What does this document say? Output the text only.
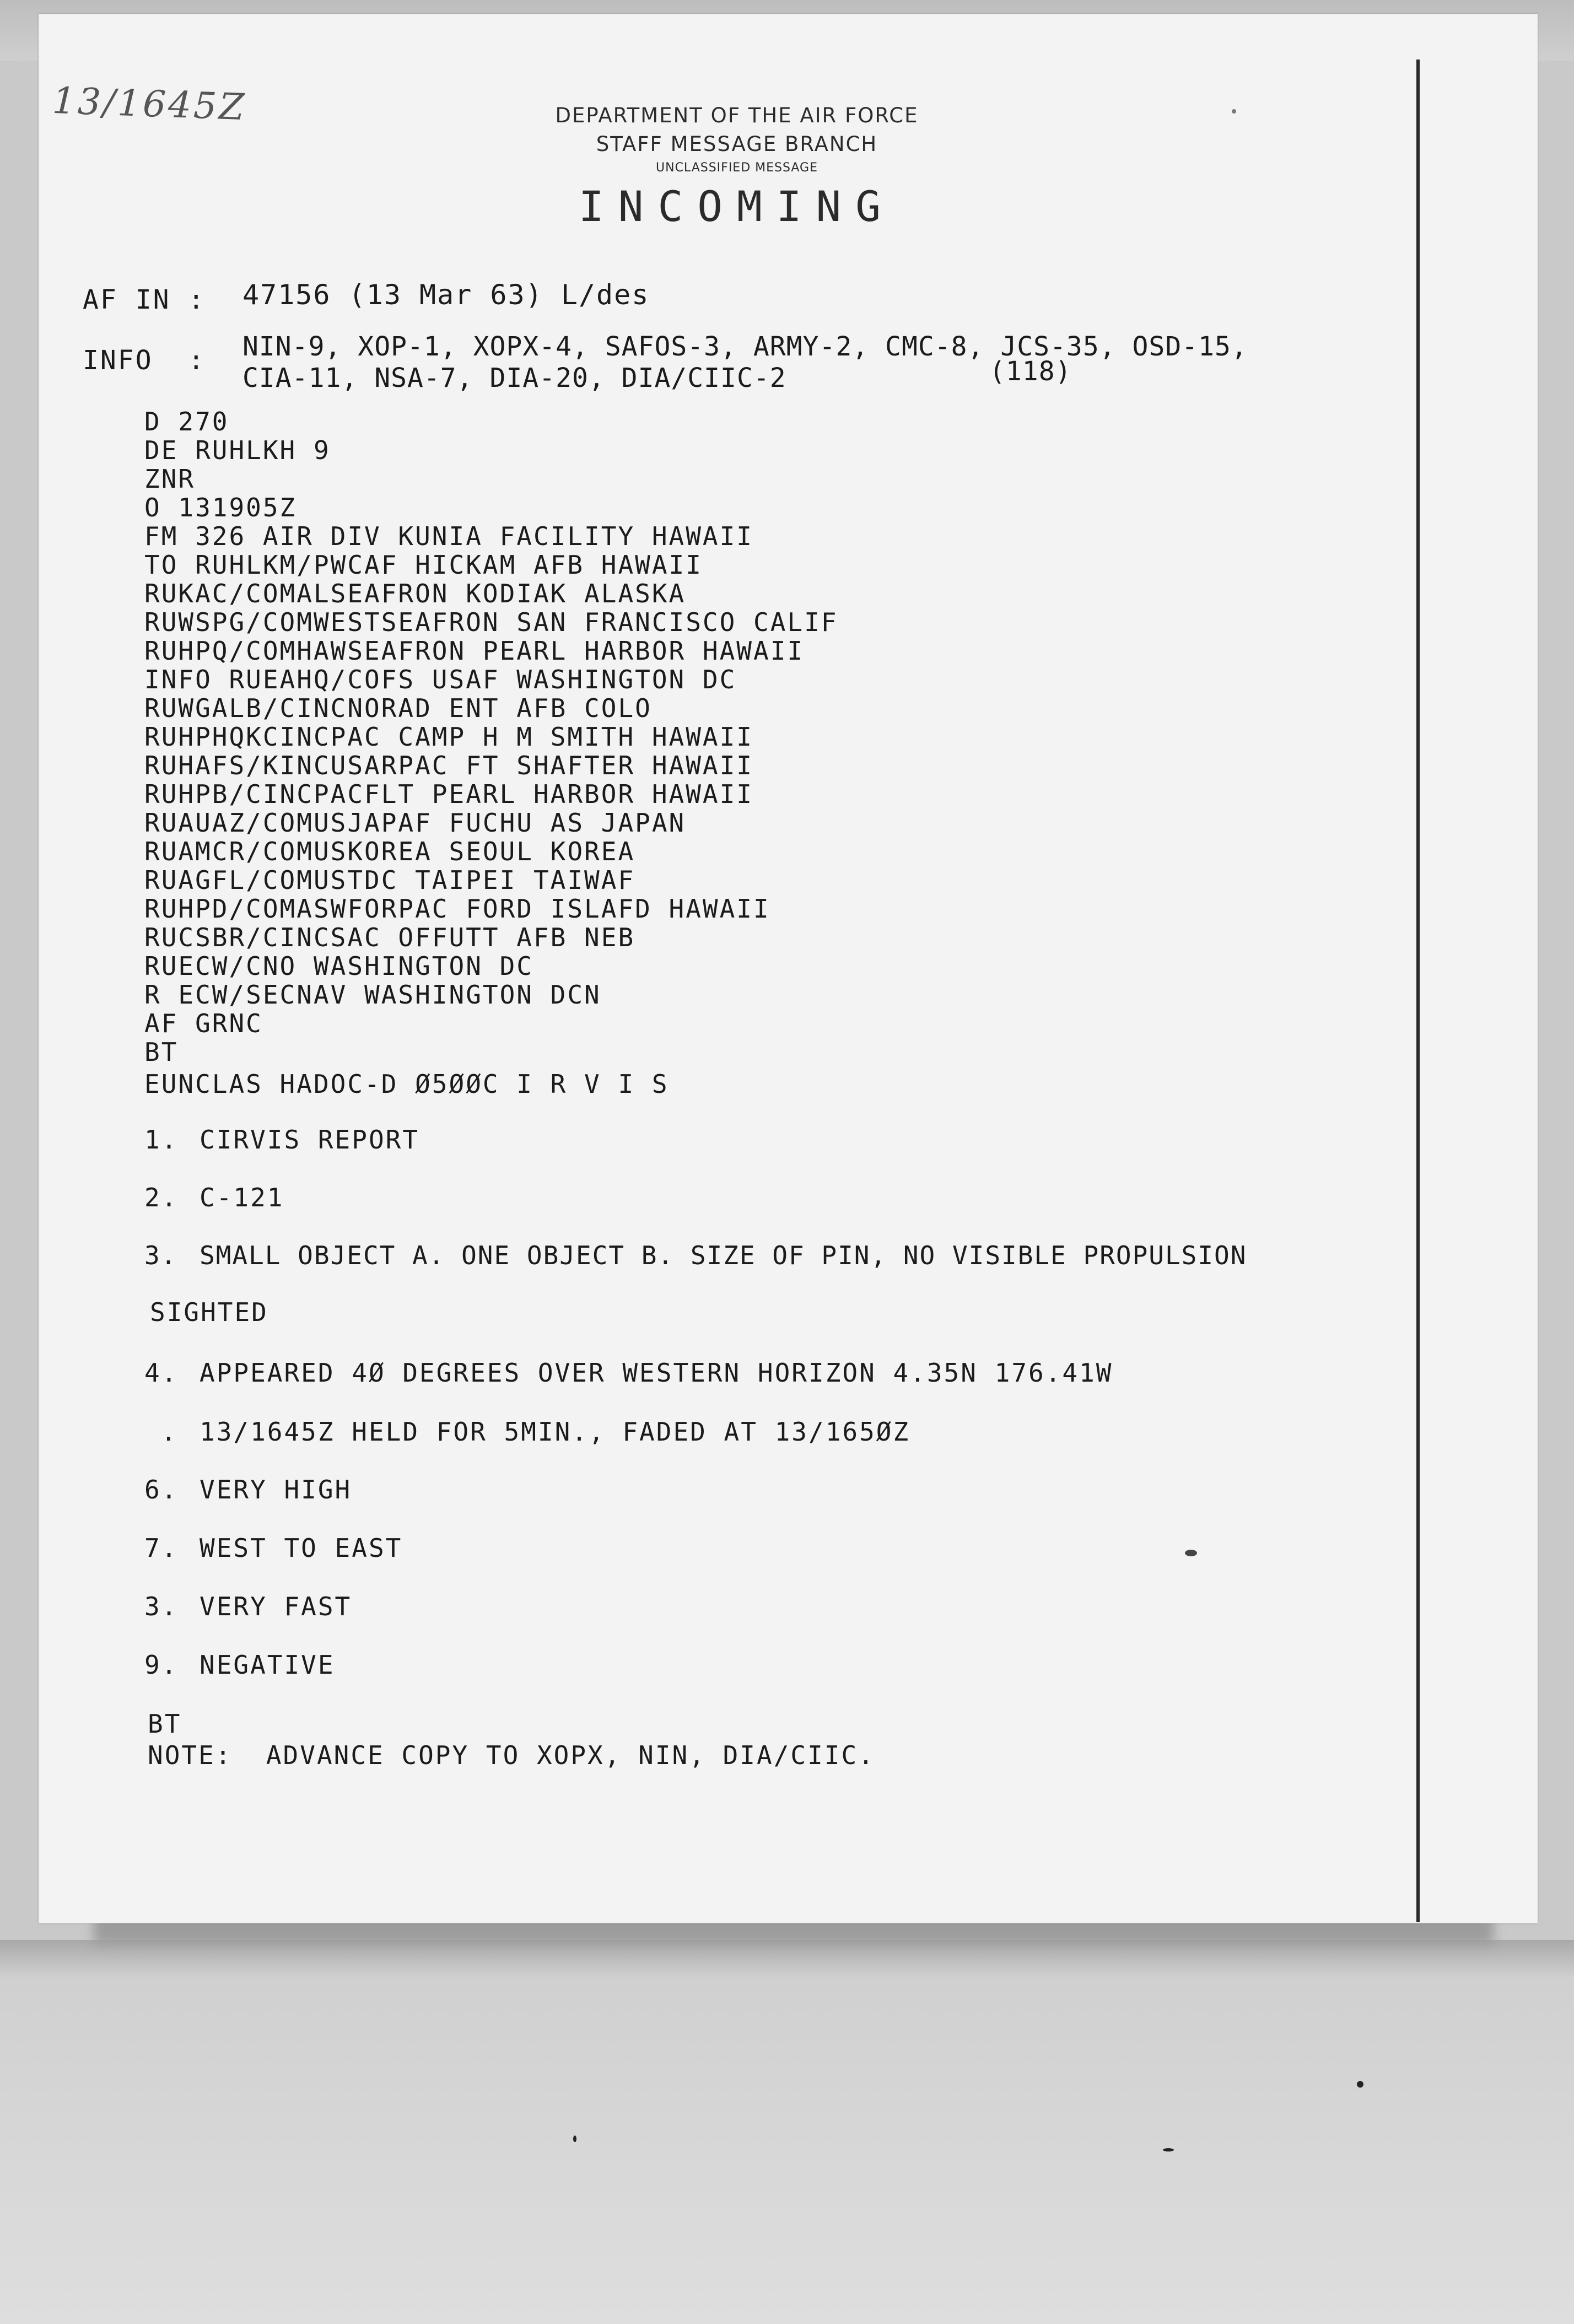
13/1645Z	DEPARTMENT OF THE AIR FORCE

STAFF MESSAGE BRANCH

UNCLASSIFIED MESSAGE

INCOMING

AF IN : 47156 (13 Mar 63) L/des

INFO  : NIN-9, XOP-1, XOPX-4, SAFOS-3, ARMY-2, CMC-8, JCS-35, OSD-15,

CIA-11, NSA-7, DIA-20, DIA/CIIC-2	(118)

D 270

DE RUHLKH 9

ZNR

O 131905Z

FM 326 AIR DIV KUNIA FACILITY HAWAII

TO RUHLKM/PWCAF HICKAM AFB HAWAII

RUKAC/COMALSEAFRON KODIAK ALASKA

RUWSPG/COMWESTSEAFRON SAN FRANCISCO CALIF

RUHPQ/COMHAWSEAFRON PEARL HARBOR HAWAII

INFO RUEAHQ/COFS USAF WASHINGTON DC

RUWGALB/CINCNORAD ENT AFB COLO

RUHPHQKCINCPAC CAMP H M SMITH HAWAII

RUHAFS/KINCUSARPAC FT SHAFTER HAWAII

RUHPB/CINCPACFLT PEARL HARBOR HAWAII

RUAUAZ/COMUSJAPAF FUCHU AS JAPAN

RUAMCR/COMUSKOREA SEOUL KOREA

RUAGFL/COMUSTDC TAIPEI TAIWAF

RUHPD/COMASWFORPAC FORD ISLAFD HAWAII

RUCSBR/CINCSAC OFFUTT AFB NEB

RUECW/CNO WASHINGTON DC

R ECW/SECNAV WASHINGTON DCN

AF GRNC

BT

EUNCLAS HADOC-D Ø5ØØC I R V I S

1. CIRVIS REPORT

2. C-121

3. SMALL OBJECT A. ONE OBJECT B. SIZE OF PIN, NO VISIBLE PROPULSION

SIGHTED

4. APPEARED 4Ø DEGREES OVER WESTERN HORIZON 4.35N 176.41W

. 13/1645Z HELD FOR 5MIN., FADED AT 13/165ØZ

6. VERY HIGH

7. WEST TO EAST

3. VERY FAST

9. NEGATIVE

BT

NOTE:  ADVANCE COPY TO XOPX, NIN, DIA/CIIC.
